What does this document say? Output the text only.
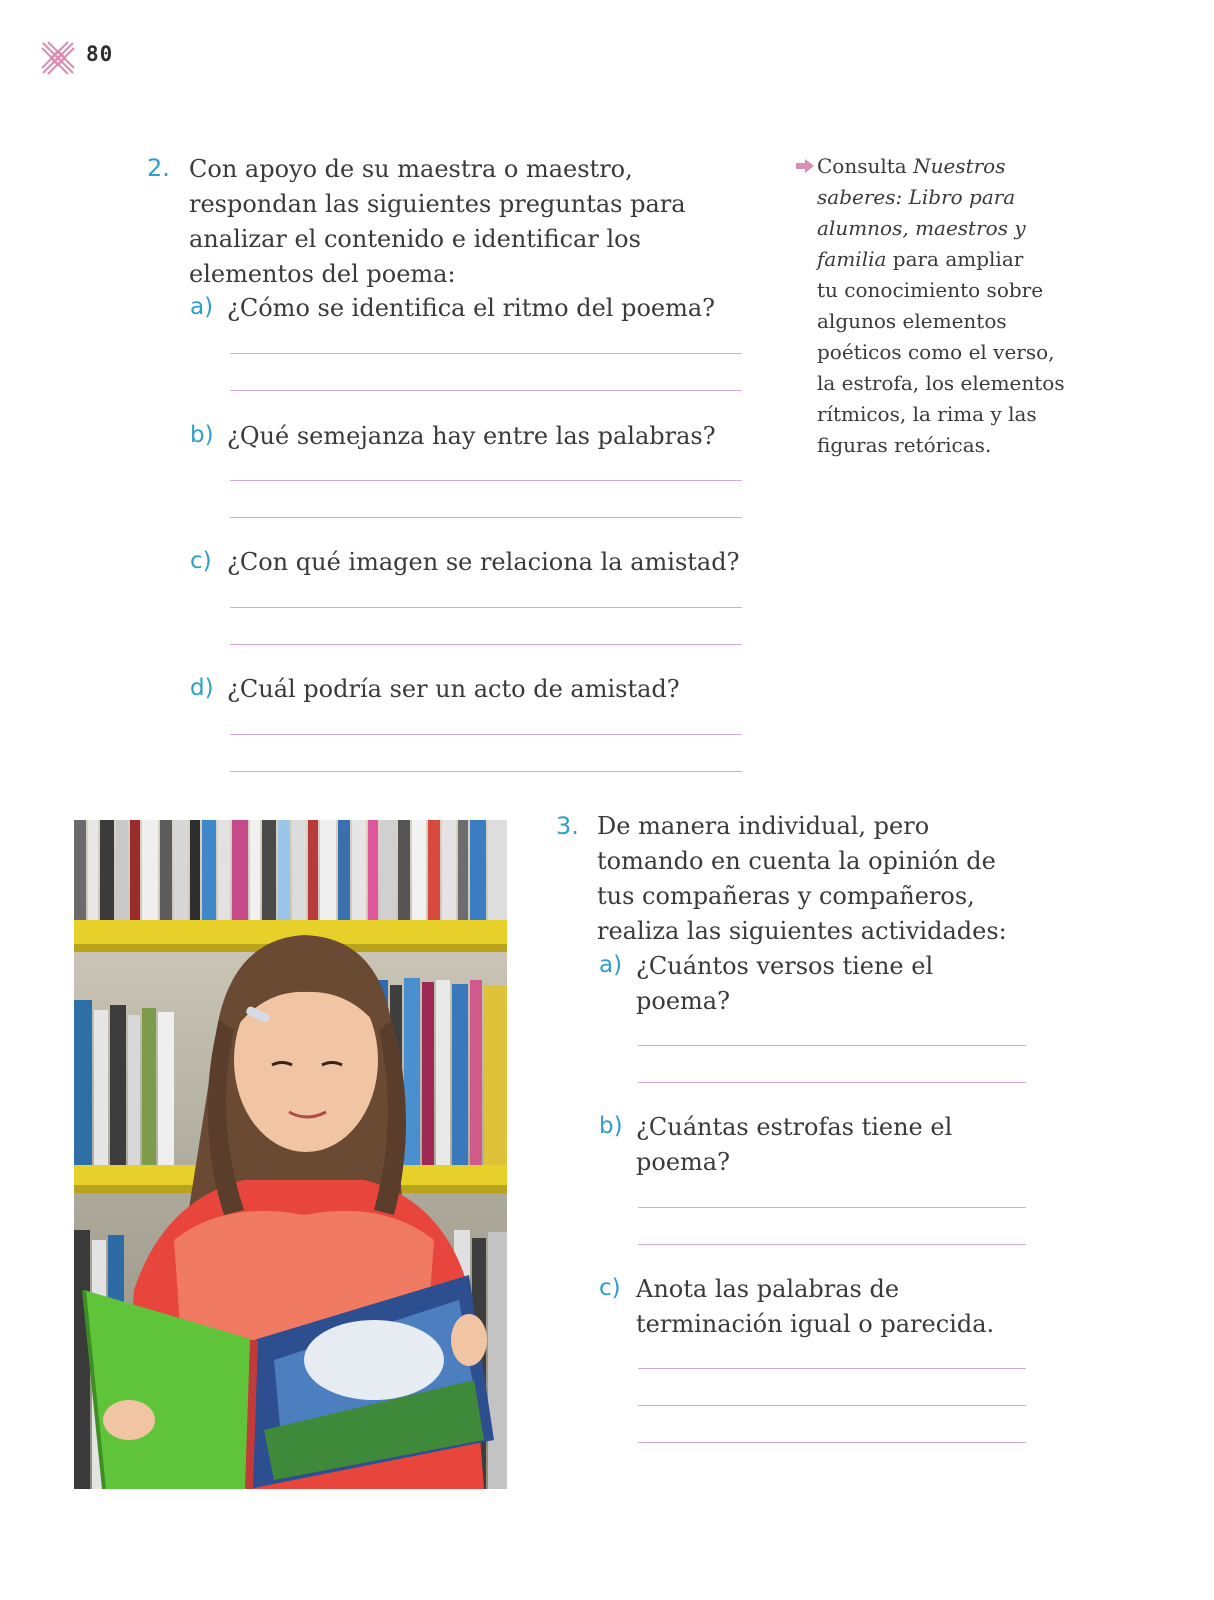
80
2. Con apoyo de su maestra o maestro,
respondan las siguientes preguntas para
analizar el contenido e identificar los
elementos del poema:
a) ¿Cómo se identifica el ritmo del poema?
b) ¿Qué semejanza hay entre las palabras?
c) ¿Con qué imagen se relaciona la amistad?
d) ¿Cuál podría ser un acto de amistad?
Consulta Nuestros
saberes: Libro para
alumnos, maestros y
familia para ampliar
tu conocimiento sobre
algunos elementos
poéticos como el verso,
la estrofa, los elementos
rítmicos, la rima y las
figuras retóricas.
3. De manera individual, pero
tomando en cuenta la opinión de
tus compañeras y compañeros,
realiza las siguientes actividades:
a) ¿Cuántos versos tiene el
poema?
b) ¿Cuántas estrofas tiene el
poema?
c) Anota las palabras de
terminación igual o parecida.
